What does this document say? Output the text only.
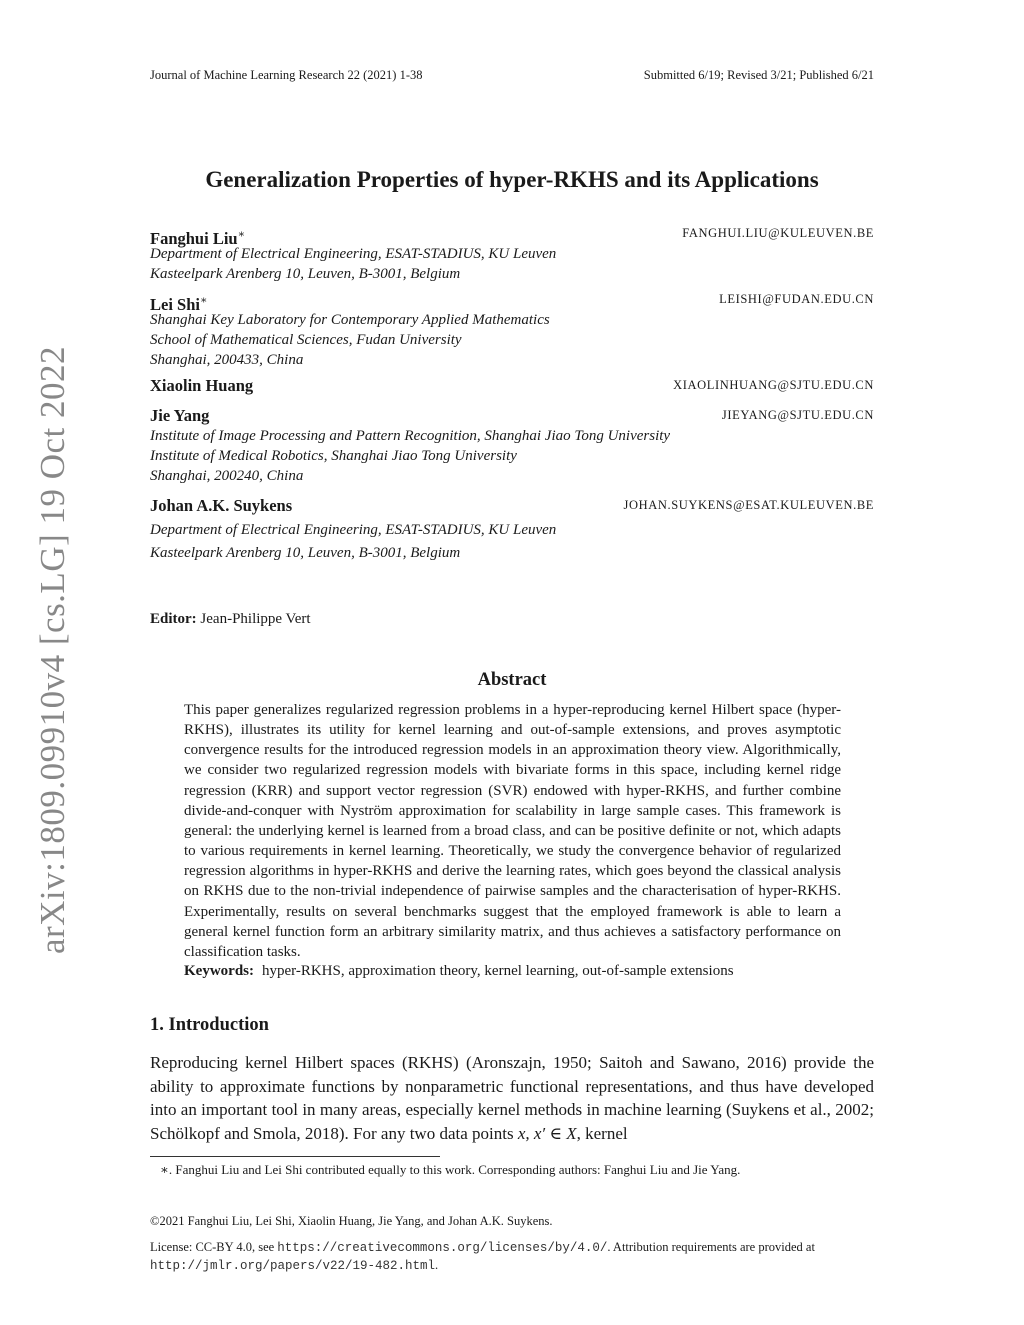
Journal of Machine Learning Research 22 (2021) 1-38	Submitted 6/19; Revised 3/21; Published 6/21
arXiv:1809.09910v4 [cs.LG] 19 Oct 2022
Generalization Properties of hyper-RKHS and its Applications
Fanghui Liu∗	FANGHUI.LIU@KULEUVEN.BE
Department of Electrical Engineering, ESAT-STADIUS, KU Leuven
Kasteelpark Arenberg 10, Leuven, B-3001, Belgium
Lei Shi∗	LEISHI@FUDAN.EDU.CN
Shanghai Key Laboratory for Contemporary Applied Mathematics
School of Mathematical Sciences, Fudan University
Shanghai, 200433, China
Xiaolin Huang	XIAOLINHUANG@SJTU.EDU.CN
Jie Yang	JIEYANG@SJTU.EDU.CN
Institute of Image Processing and Pattern Recognition, Shanghai Jiao Tong University
Institute of Medical Robotics, Shanghai Jiao Tong University
Shanghai, 200240, China
Johan A.K. Suykens	JOHAN.SUYKENS@ESAT.KULEUVEN.BE
Department of Electrical Engineering, ESAT-STADIUS, KU Leuven
Kasteelpark Arenberg 10, Leuven, B-3001, Belgium
Editor: Jean-Philippe Vert
Abstract
This paper generalizes regularized regression problems in a hyper-reproducing kernel Hilbert space (hyper-RKHS), illustrates its utility for kernel learning and out-of-sample extensions, and proves asymptotic convergence results for the introduced regression models in an approximation theory view. Algorithmically, we consider two regularized regression models with bivariate forms in this space, including kernel ridge regression (KRR) and support vector regression (SVR) endowed with hyper-RKHS, and further combine divide-and-conquer with Nyström approximation for scalability in large sample cases. This framework is general: the underlying kernel is learned from a broad class, and can be positive definite or not, which adapts to various requirements in kernel learning. Theoretically, we study the convergence behavior of regularized regression algorithms in hyper-RKHS and derive the learning rates, which goes beyond the classical analysis on RKHS due to the non-trivial independence of pairwise samples and the characterisation of hyper-RKHS. Experimentally, results on several benchmarks suggest that the employed framework is able to learn a general kernel function form an arbitrary similarity matrix, and thus achieves a satisfactory performance on classification tasks.
Keywords: hyper-RKHS, approximation theory, kernel learning, out-of-sample extensions
1. Introduction
Reproducing kernel Hilbert spaces (RKHS) (Aronszajn, 1950; Saitoh and Sawano, 2016) provide the ability to approximate functions by nonparametric functional representations, and thus have developed into an important tool in many areas, especially kernel methods in machine learning (Suykens et al., 2002; Schölkopf and Smola, 2018). For any two data points x, x′ ∈ X, kernel
∗. Fanghui Liu and Lei Shi contributed equally to this work. Corresponding authors: Fanghui Liu and Jie Yang.
©2021 Fanghui Liu, Lei Shi, Xiaolin Huang, Jie Yang, and Johan A.K. Suykens.
License: CC-BY 4.0, see https://creativecommons.org/licenses/by/4.0/. Attribution requirements are provided at
http://jmlr.org/papers/v22/19-482.html.
